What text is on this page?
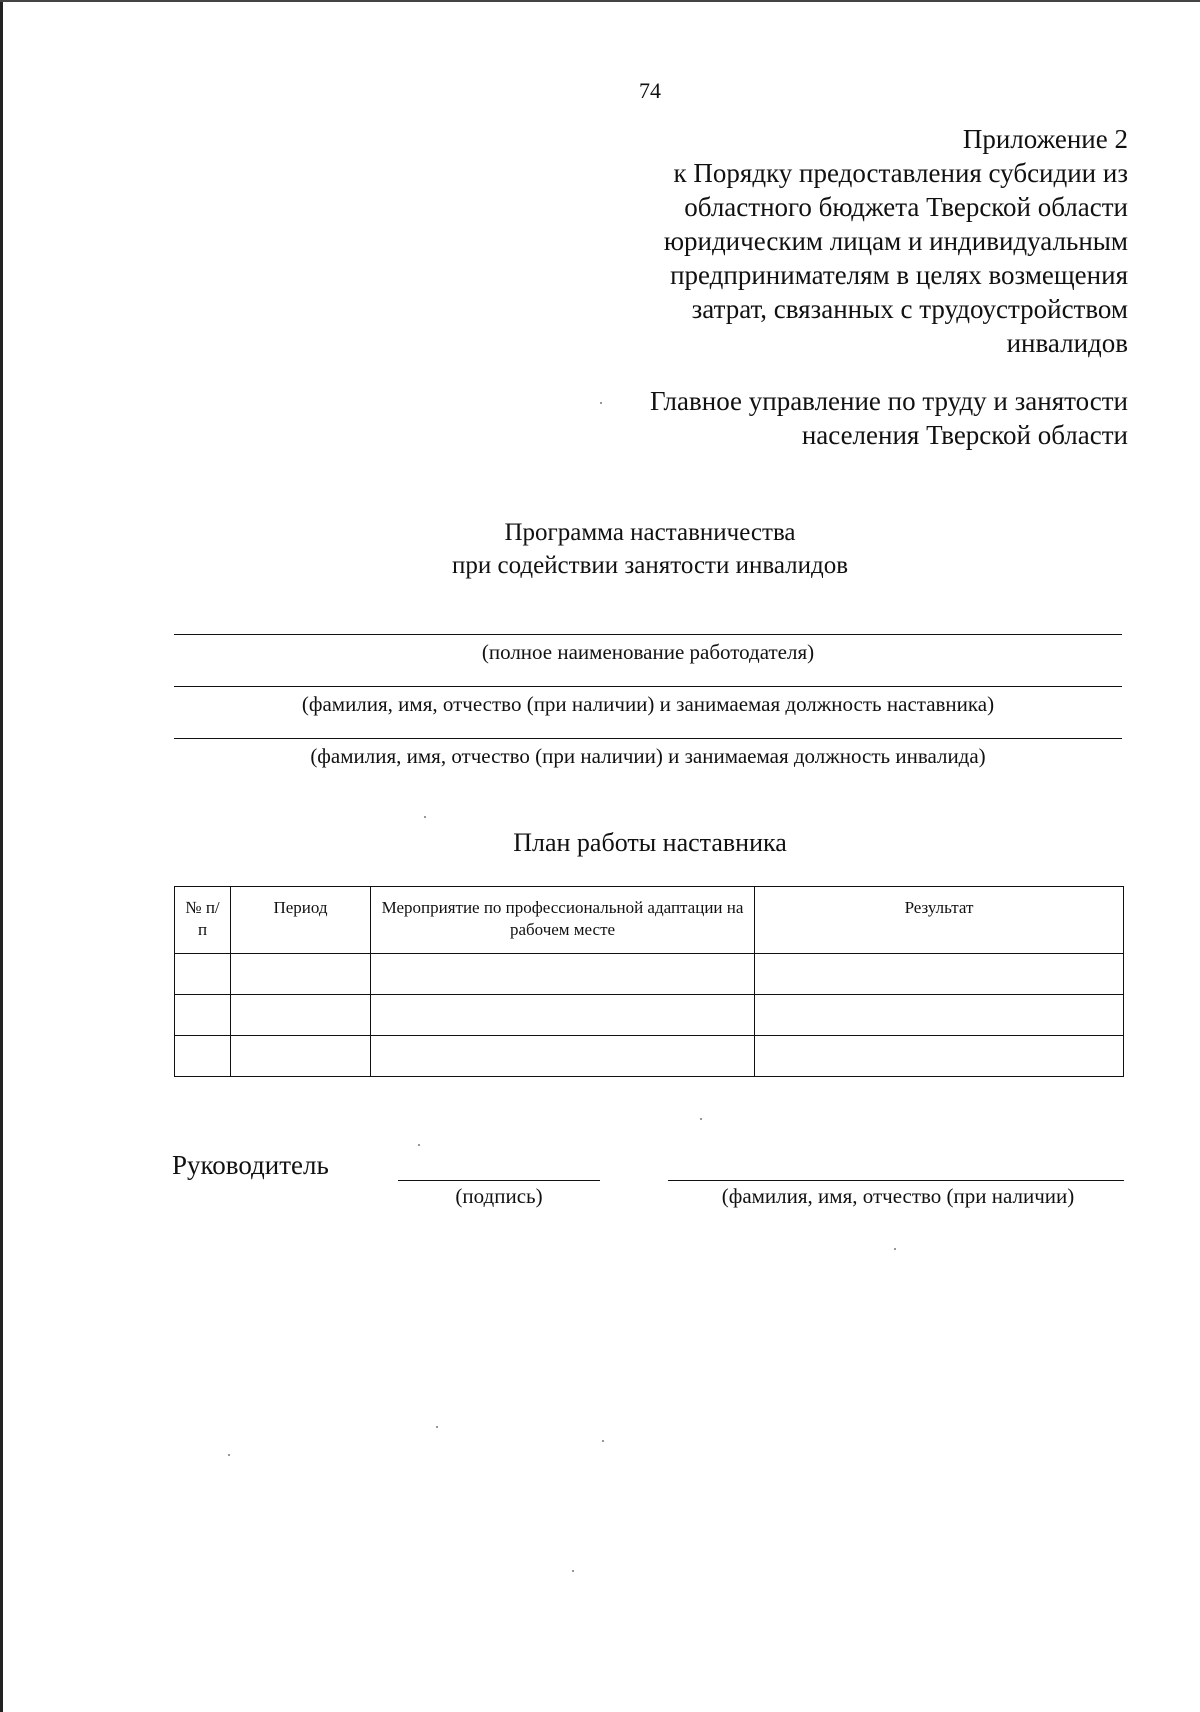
74
Приложение 2
к Порядку предоставления субсидии из
областного бюджета Тверской области
юридическим лицам и индивидуальным
предпринимателям в целях возмещения
затрат, связанных с трудоустройством
инвалидов
Главное управление по труду и занятости
населения Тверской области
Программа наставничества
при содействии занятости инвалидов
(полное наименование работодателя)
(фамилия, имя, отчество (при наличии) и занимаемая должность наставника)
(фамилия, имя, отчество (при наличии) и занимаемая должность инвалида)
План работы наставника
№ п/п	Период	Мероприятие по профессиональной адаптации на рабочем месте	Результат

Руководитель
(подпись)	(фамилия, имя, отчество (при наличии)
